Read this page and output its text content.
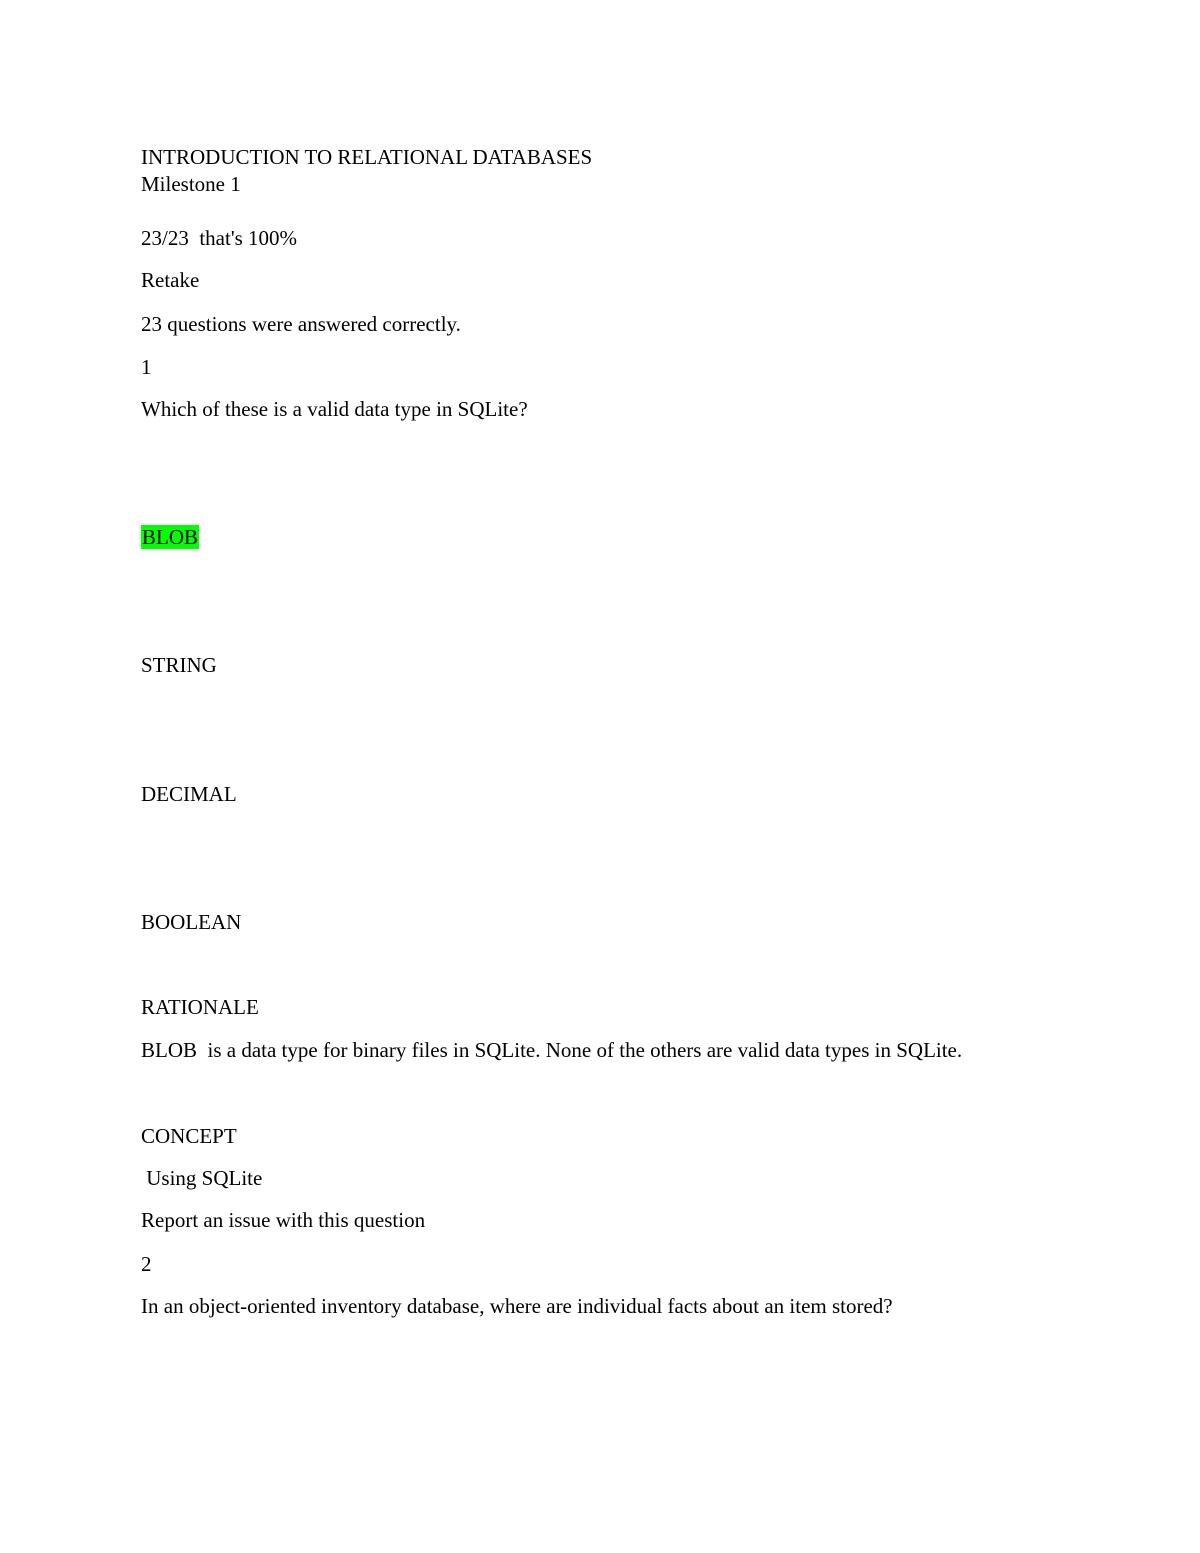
INTRODUCTION TO RELATIONAL DATABASES

Milestone 1

23/23  that's 100%

Retake

23 questions were answered correctly.

1

Which of these is a valid data type in SQLite?

BLOB

STRING

DECIMAL

BOOLEAN

RATIONALE

BLOB  is a data type for binary files in SQLite. None of the others are valid data types in SQLite.

CONCEPT

Using SQLite

Report an issue with this question

2

In an object-oriented inventory database, where are individual facts about an item stored?
